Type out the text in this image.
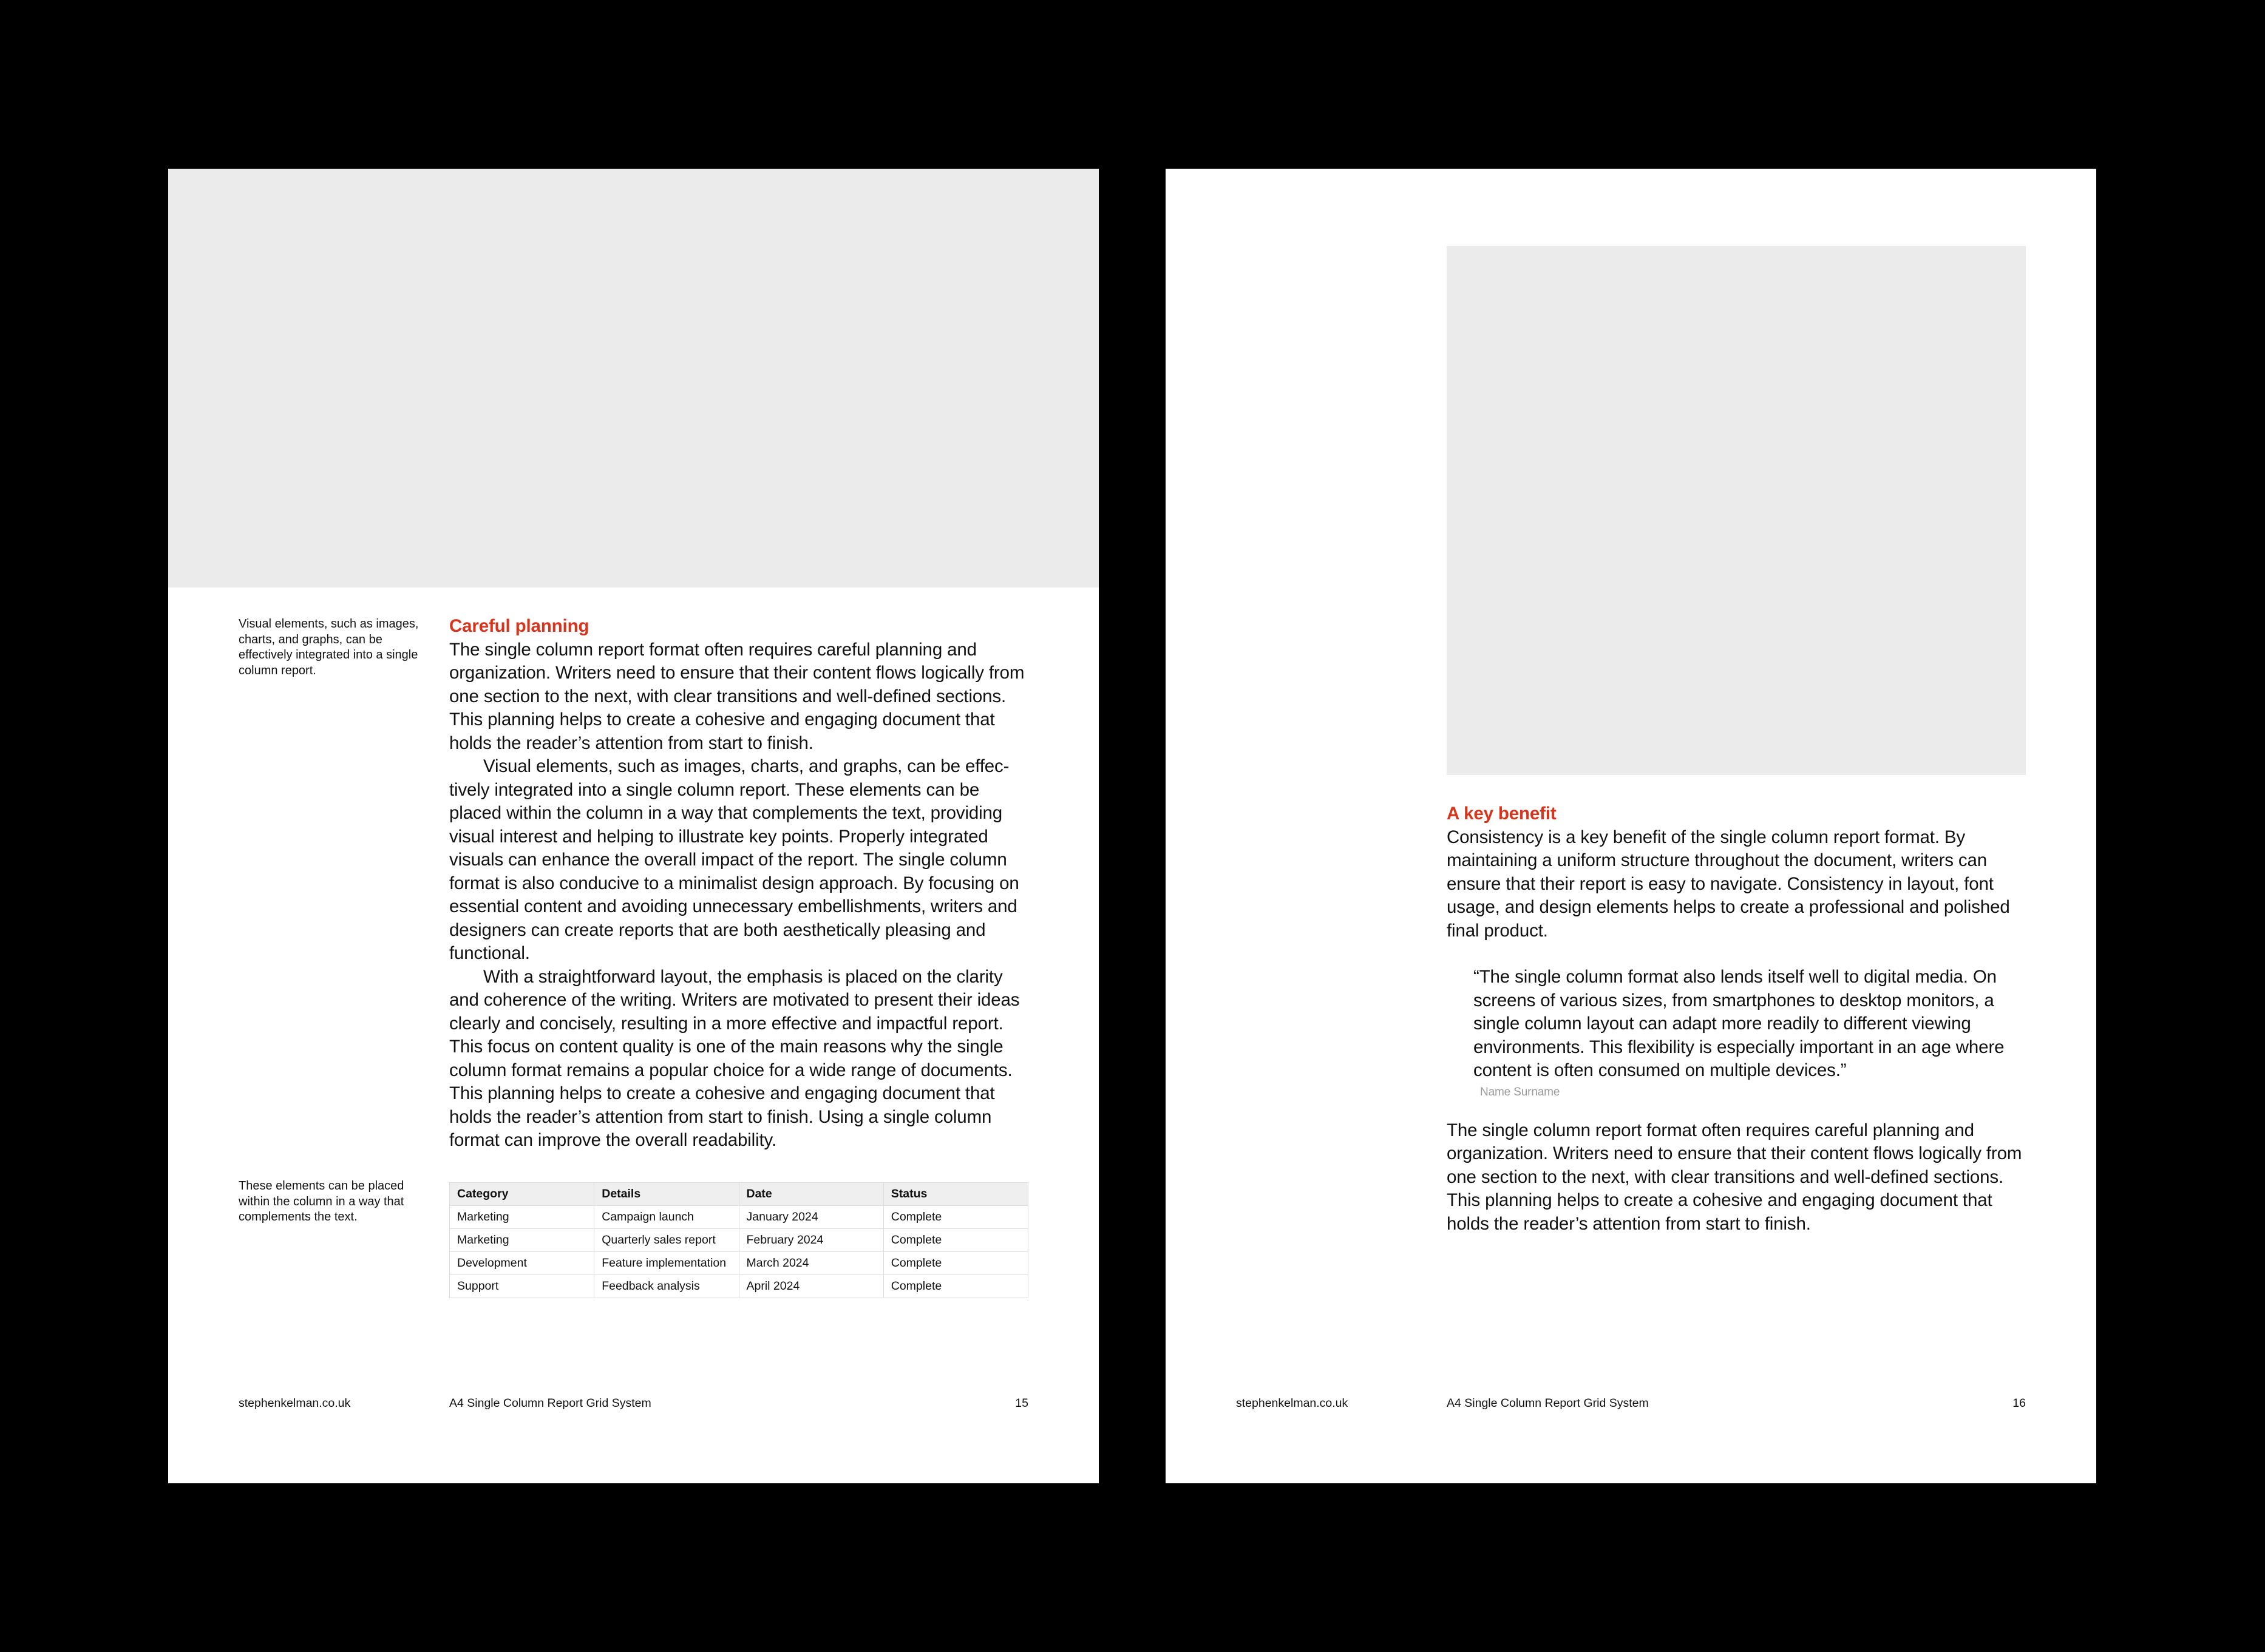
Visual elements, such as images, charts, and graphs, can be effectively integrated into a single column report.

Careful planning

The single column report format often requires careful planning and organization. Writers need to ensure that their content flows logically from one section to the next, with clear transitions and well-defined sections. This planning helps to create a cohesive and engaging document that holds the reader’s attention from start to finish.

Visual elements, such as images, charts, and graphs, can be effec-tively integrated into a single column report. These elements can be placed within the column in a way that complements the text, providing visual interest and helping to illustrate key points. Properly integrated visuals can enhance the overall impact of the report. The single column format is also conducive to a minimalist design approach. By focusing on essential content and avoiding unnecessary embellishments, writers and designers can create reports that are both aesthetically pleasing and functional.

With a straightforward layout, the emphasis is placed on the clarity and coherence of the writing. Writers are motivated to present their ideas clearly and concisely, resulting in a more effective and impactful report. This focus on content quality is one of the main reasons why the single column format remains a popular choice for a wide range of documents. This planning helps to create a cohesive and engaging document that holds the reader’s attention from start to finish. Using a single column format can improve the overall readability.

These elements can be placed within the column in a way that complements the text.
Category	Details	Date	Status
Marketing	Campaign launch	January 2024	Complete
Marketing	Quarterly sales report	February 2024	Complete
Development	Feature implementation	March 2024	Complete
Support	Feedback analysis	April 2024	Complete
stephenkelman.co.uk	A4 Single Column Report Grid System	15

A key benefit

Consistency is a key benefit of the single column report format. By maintaining a uniform structure throughout the document, writers can ensure that their report is easy to navigate. Consistency in layout, font usage, and design elements helps to create a professional and polished final product.

“The single column format also lends itself well to digital media. On screens of various sizes, from smartphones to desktop monitors, a single column layout can adapt more readily to different viewing environments. This flexibility is especially important in an age where content is often consumed on multiple devices.”

Name Surname

The single column report format often requires careful planning and organization. Writers need to ensure that their content flows logically from one section to the next, with clear transitions and well-defined sections. This planning helps to create a cohesive and engaging document that holds the reader’s attention from start to finish.

stephenkelman.co.uk	A4 Single Column Report Grid System	16
